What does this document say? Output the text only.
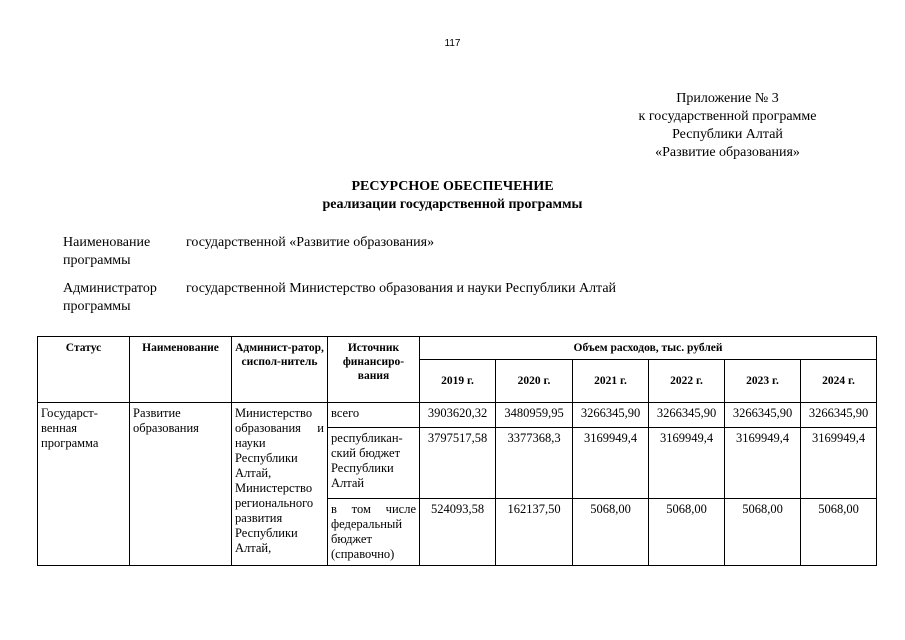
117
Приложение № 3
к государственной программе
Республики Алтай
«Развитие образования»
РЕСУРСНОЕ ОБЕСПЕЧЕНИЕ
реализации государственной программы
Наименование программы
государственной «Развитие образования»
Администратор программы
государственной Министерство образования и науки Республики Алтай
Статус	Наименование	Админист-ратор, сиспол-нитель	Источник финансиро-вания	Объем расходов, тыс. рублей					
				2019 г.	2020 г.	2021 г.	2022 г.	2023 г.	2024 г.
Государст-венная программа	Развитие образования	Министерство образования и науки Республики Алтай, Министерство регионального развития Республики Алтай,	всего	3903620,32	3480959,95	3266345,90	3266345,90	3266345,90	3266345,90
			республикан-ский бюджет Республики Алтай	3797517,58	3377368,3	3169949,4	3169949,4	3169949,4	3169949,4
			в том числе федеральный бюджет (справочно)	524093,58	162137,50	5068,00	5068,00	5068,00	5068,00
